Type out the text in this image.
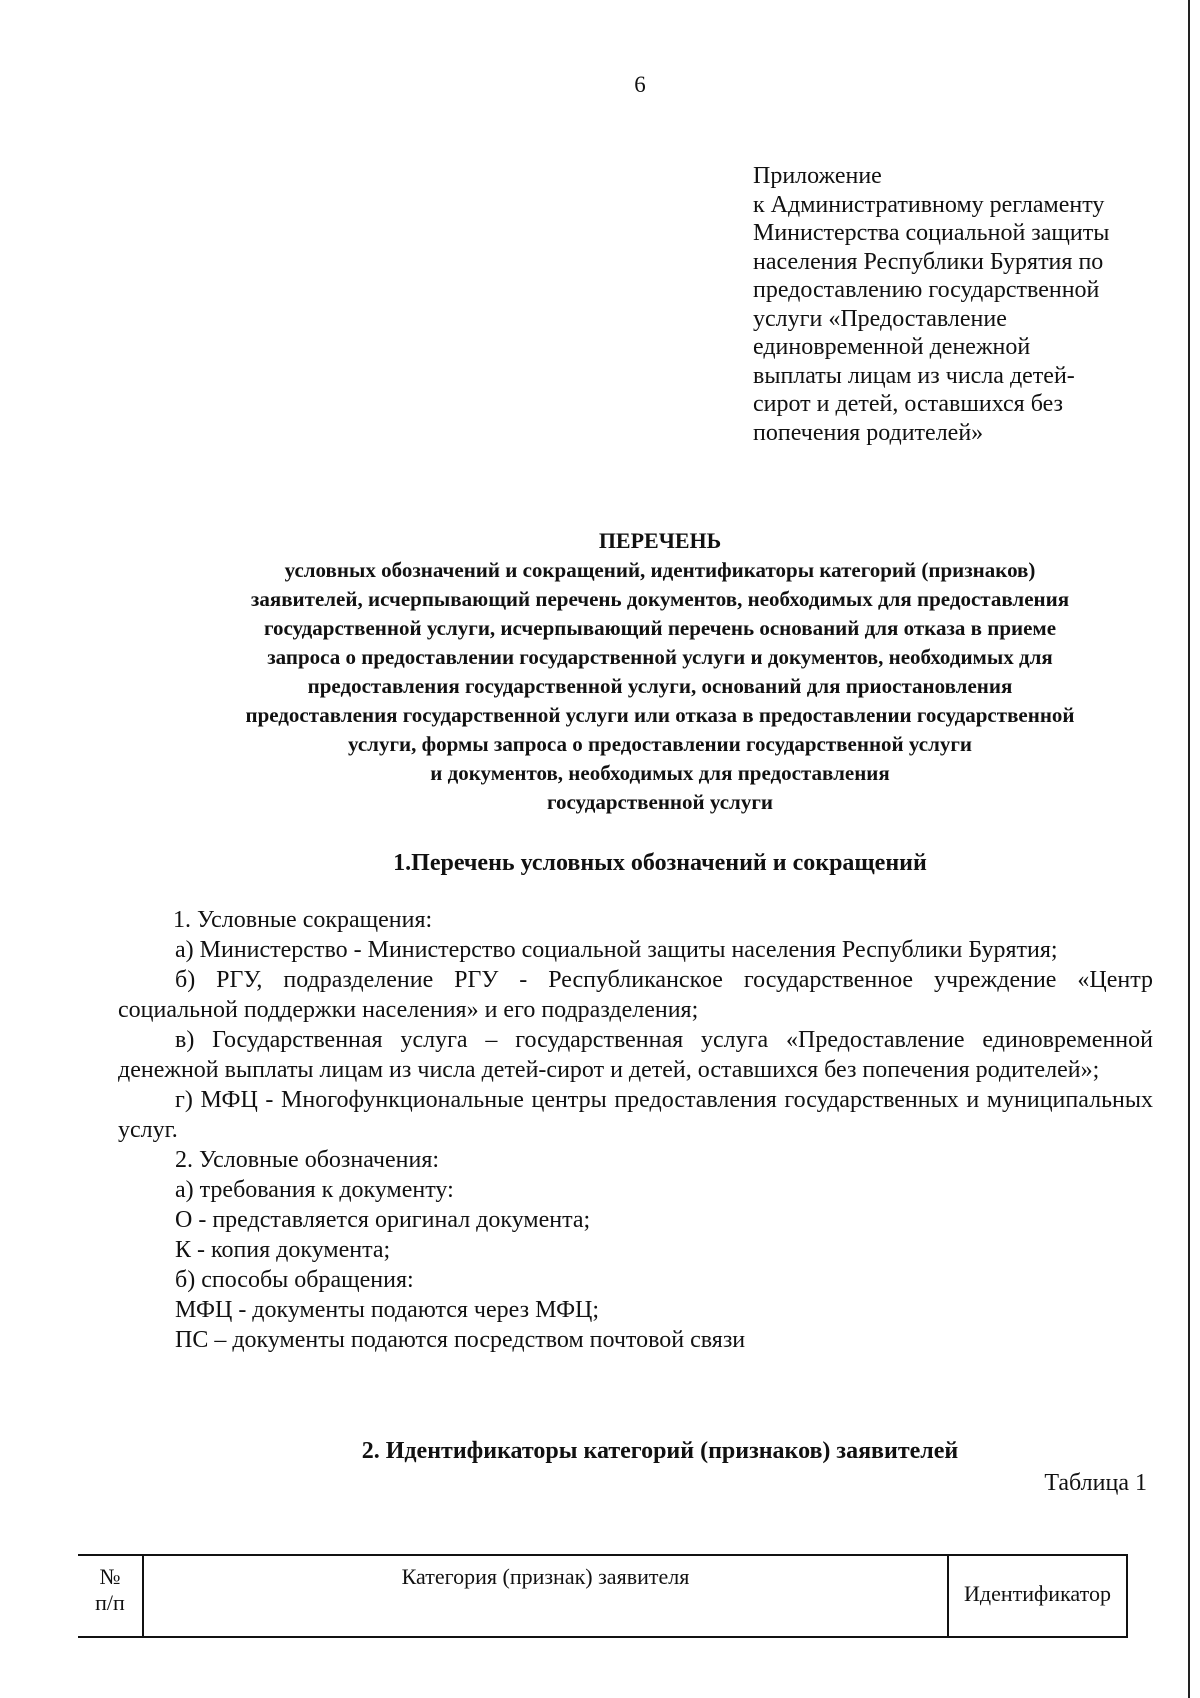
6
Приложение
к Административному регламенту
Министерства социальной защиты
населения Республики Бурятия по
предоставлению государственной
услуги «Предоставление
единовременной денежной
выплаты лицам из числа детей-
сирот и детей, оставшихся без
попечения родителей»
ПЕРЕЧЕНЬ
условных обозначений и сокращений, идентификаторы категорий (признаков)
заявителей, исчерпывающий перечень документов, необходимых для предоставления
государственной услуги, исчерпывающий перечень оснований для отказа в приеме
запроса о предоставлении государственной услуги и документов, необходимых для
предоставления государственной услуги, оснований для приостановления
предоставления государственной услуги или отказа в предоставлении государственной
услуги, формы запроса о предоставлении государственной услуги
и документов, необходимых для предоставления
государственной услуги
1.Перечень условных обозначений и сокращений
1. Условные сокращения:
а) Министерство - Министерство социальной защиты населения Республики Бурятия;
б) РГУ, подразделение РГУ - Республиканское государственное учреждение «Центр социальной поддержки населения» и его подразделения;
в) Государственная услуга – государственная услуга «Предоставление единовременной денежной выплаты лицам из числа детей-сирот и детей, оставшихся без попечения родителей»;
г) МФЦ - Многофункциональные центры предоставления государственных и муниципальных услуг.
2. Условные обозначения:
а) требования к документу:
О - представляется оригинал документа;
К - копия документа;
б) способы обращения:
МФЦ - документы подаются через МФЦ;
ПС – документы подаются посредством почтовой связи
2. Идентификаторы категорий (признаков) заявителей
Таблица 1
№
п/п	Категория (признак) заявителя	Идентификатор
